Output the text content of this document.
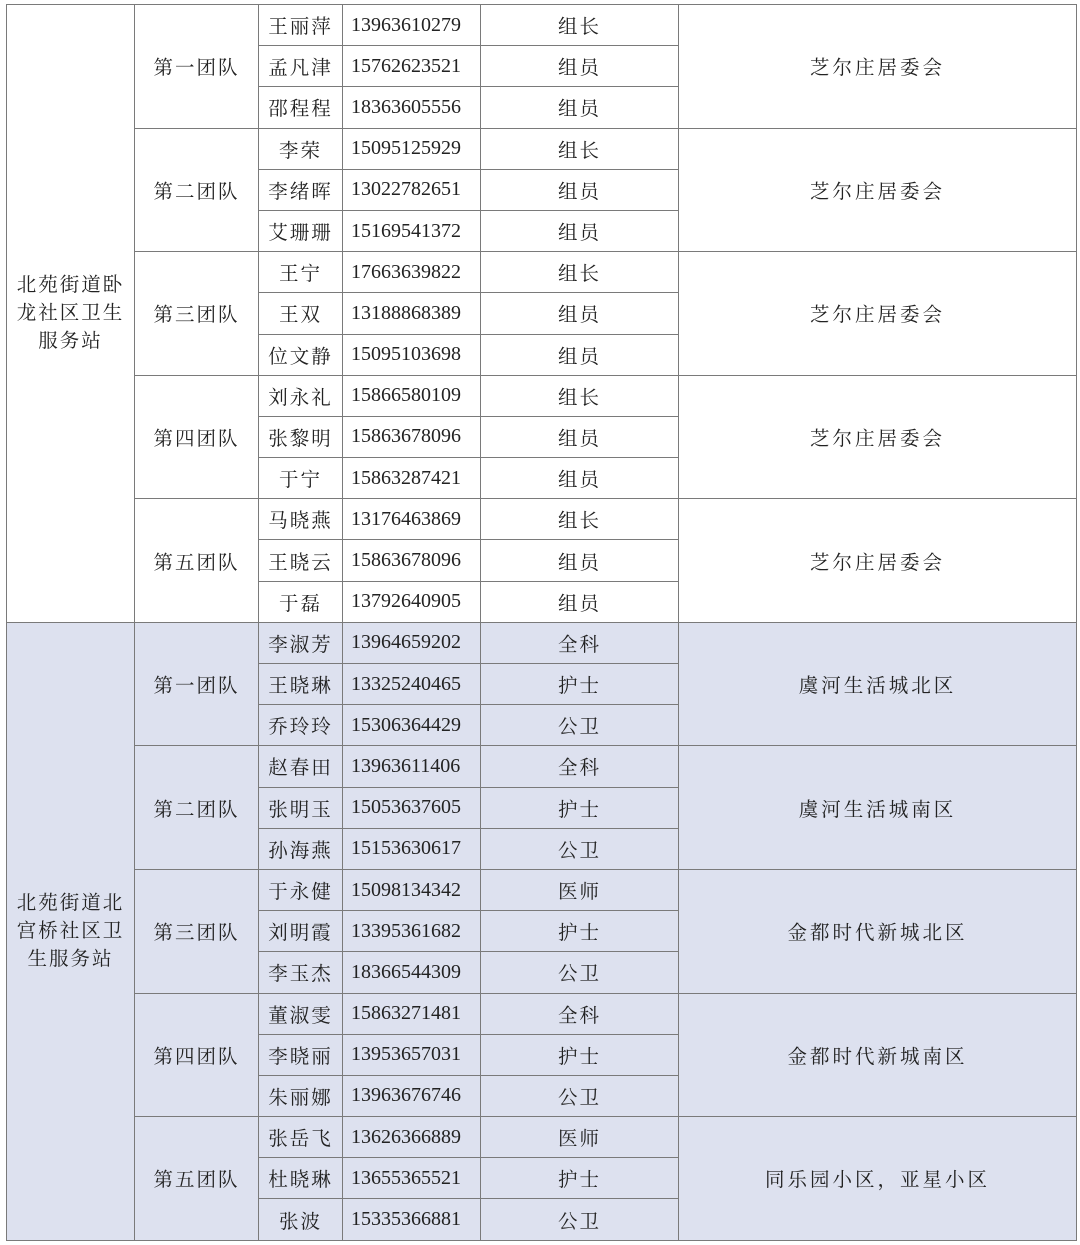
北苑街道卧龙社区卫生服务站	第一团队	王丽萍	13963610279	组长	芝尔庄居委会
		孟凡津	15762623521	组员	
		邵程程	18363605556	组员	
	第二团队	李荣	15095125929	组长	芝尔庄居委会
		李绪晖	13022782651	组员	
		艾珊珊	15169541372	组员	
	第三团队	王宁	17663639822	组长	芝尔庄居委会
		王双	13188868389	组员	
		位文静	15095103698	组员	
	第四团队	刘永礼	15866580109	组长	芝尔庄居委会
		张黎明	15863678096	组员	
		于宁	15863287421	组员	
	第五团队	马晓燕	13176463869	组长	芝尔庄居委会
		王晓云	15863678096	组员	
		于磊	13792640905	组员	
北苑街道北宫桥社区卫生服务站	第一团队	李淑芳	13964659202	全科	虞河生活城北区
		王晓琳	13325240465	护士	
		乔玲玲	15306364429	公卫	
	第二团队	赵春田	13963611406	全科	虞河生活城南区
		张明玉	15053637605	护士	
		孙海燕	15153630617	公卫	
	第三团队	于永健	15098134342	医师	金都时代新城北区
		刘明霞	13395361682	护士	
		李玉杰	18366544309	公卫	
	第四团队	董淑雯	15863271481	全科	金都时代新城南区
		李晓丽	13953657031	护士	
		朱丽娜	13963676746	公卫	
	第五团队	张岳飞	13626366889	医师	同乐园小区，亚星小区
		杜晓琳	13655365521	护士	
		张波	15335366881	公卫	
